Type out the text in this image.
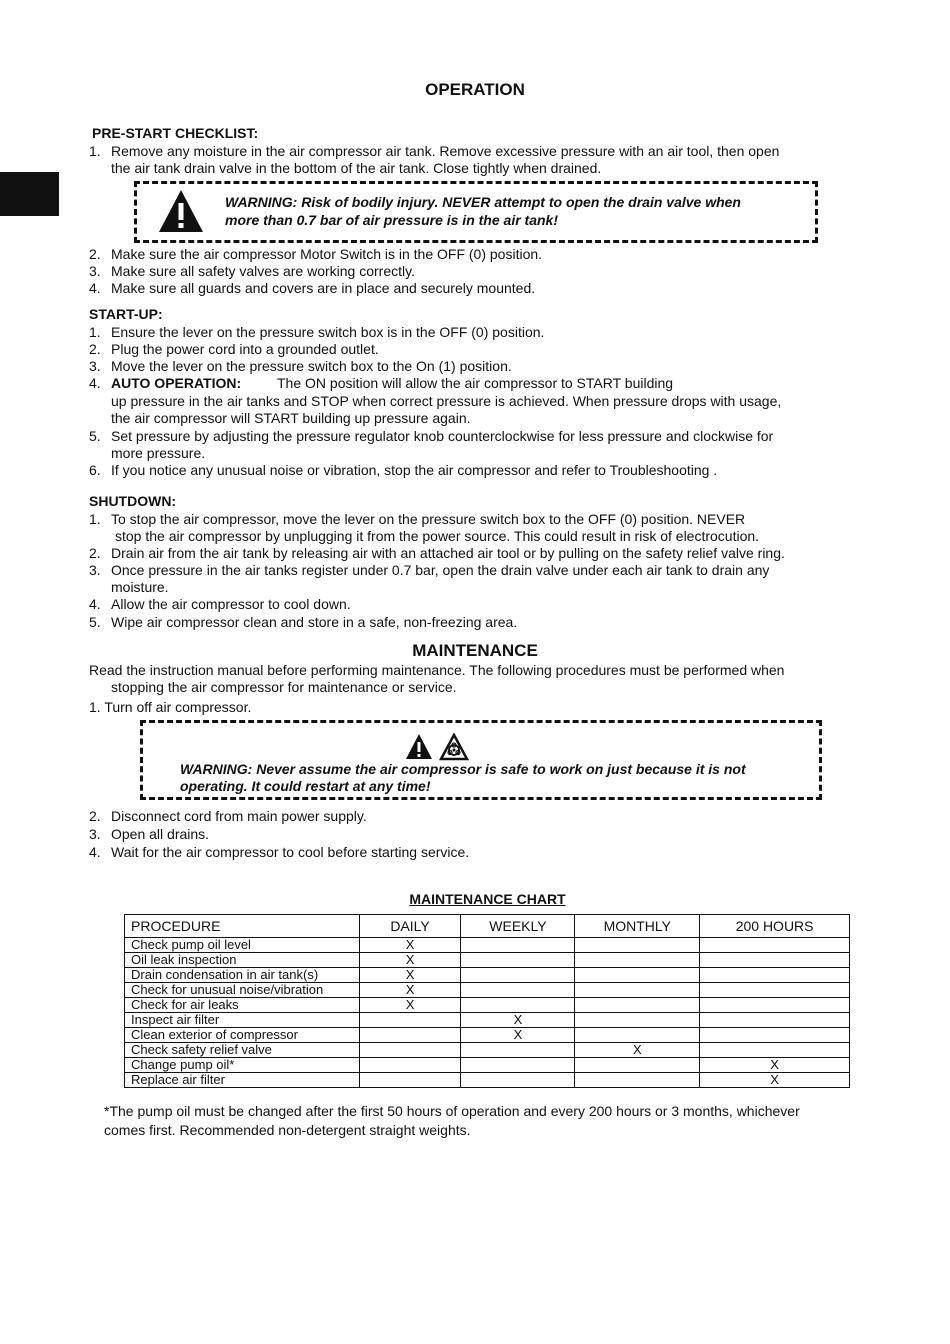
OPERATION
PRE-START CHECKLIST:
1. Remove any moisture in the air compressor air tank. Remove excessive pressure with an air tool, then open
the air tank drain valve in the bottom of the air tank. Close tightly when drained.
WARNING: Risk of bodily injury. NEVER attempt to open the drain valve when
more than 0.7 bar of air pressure is in the air tank!
2. Make sure the air compressor Motor Switch is in the OFF (0) position.
3. Make sure all safety valves are working correctly.
4. Make sure all guards and covers are in place and securely mounted.
START-UP:
1. Ensure the lever on the pressure switch box is in the OFF (0) position.
2. Plug the power cord into a grounded outlet.
3. Move the lever on the pressure switch box to the On (1) position.
4. AUTO OPERATION:	The ON position will allow the air compressor to START building
up pressure in the air tanks and STOP when correct pressure is achieved. When pressure drops with usage,
the air compressor will START building up pressure again.
5. Set pressure by adjusting the pressure regulator knob counterclockwise for less pressure and clockwise for
more pressure.
6. If you notice any unusual noise or vibration, stop the air compressor and refer to Troubleshooting .
SHUTDOWN:
1. To stop the air compressor, move the lever on the pressure switch box to the OFF (0) position. NEVER
stop the air compressor by unplugging it from the power source. This could result in risk of electrocution.
2. Drain air from the air tank by releasing air with an attached air tool or by pulling on the safety relief valve ring.
3. Once pressure in the air tanks register under 0.7 bar, open the drain valve under each air tank to drain any
moisture.
4. Allow the air compressor to cool down.
5. Wipe air compressor clean and store in a safe, non-freezing area.
MAINTENANCE
Read the instruction manual before performing maintenance. The following procedures must be performed when
stopping the air compressor for maintenance or service.
1. Turn off air compressor.
WARNING: Never assume the air compressor is safe to work on just because it is not
operating. It could restart at any time!
2. Disconnect cord from main power supply.
3. Open all drains.
4. Wait for the air compressor to cool before starting service.
MAINTENANCE CHART
PROCEDURE	DAILY	WEEKLY	MONTHLY	200 HOURS
Check pump oil level	X			
Oil leak inspection	X			
Drain condensation in air tank(s)	X			
Check for unusual noise/vibration	X			
Check for air leaks	X			
Inspect air filter		X		
Clean exterior of compressor		X		
Check safety relief valve			X	
Change pump oil*				X
Replace air filter				X
*The pump oil must be changed after the first 50 hours of operation and every 200 hours or 3 months, whichever
comes first. Recommended non-detergent straight weights.
